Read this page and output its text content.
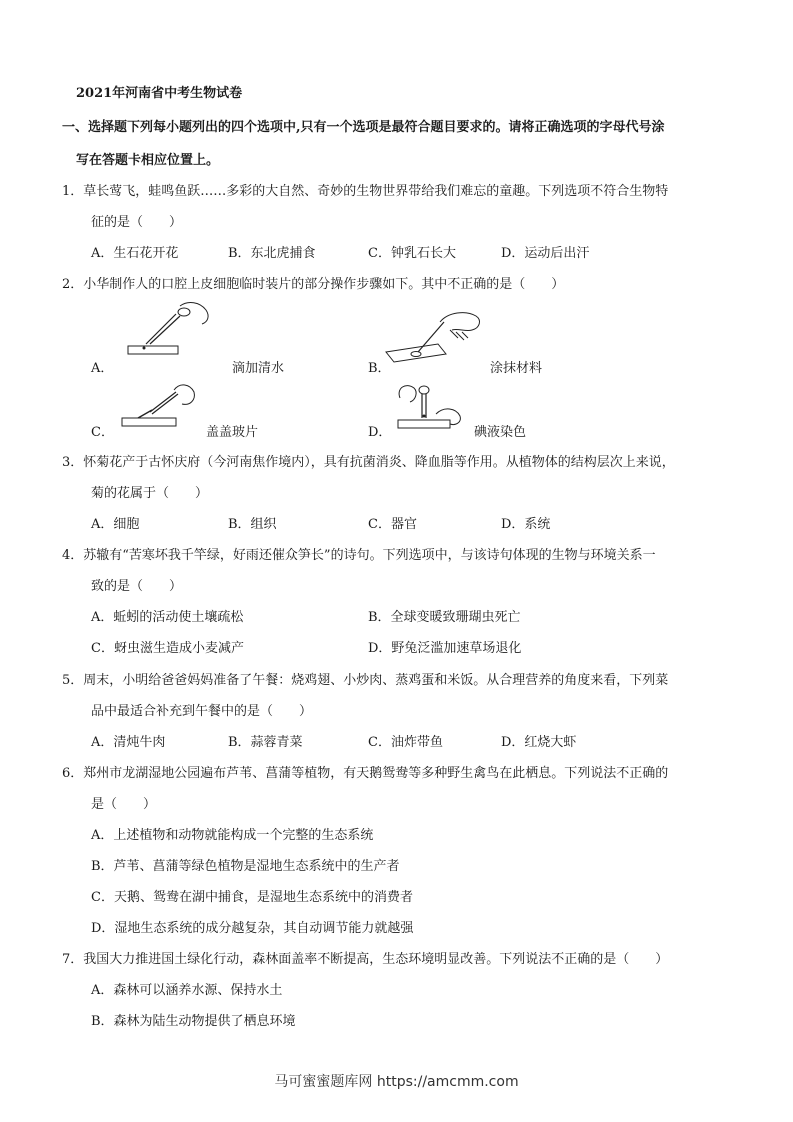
2021年河南省中考生物试卷
一、选择题下列每小题列出的四个选项中,只有一个选项是最符合题目要求的。请将正确选项的字母代号涂
写在答题卡相应位置上。
1．草长莺飞，蛙鸣鱼跃……多彩的大自然、奇妙的生物世界带给我们难忘的童趣。下列选项不符合生物特
征的是（　　）
A．生石花开花	B．东北虎捕食	C．钟乳石长大	D．运动后出汗
2．小华制作人的口腔上皮细胞临时装片的部分操作步骤如下。其中不正确的是（　　）
A．	滴加清水	B．	涂抹材料
C．	盖盖玻片	D．	碘液染色
3．怀菊花产于古怀庆府（今河南焦作境内），具有抗菌消炎、降血脂等作用。从植物体的结构层次上来说，
菊的花属于（　　）
A．细胞	B．组织	C．器官	D．系统
4．苏辙有“苦寒坏我千竿绿，好雨还催众笋长”的诗句。下列选项中，与该诗句体现的生物与环境关系一
致的是（　　）
A．蚯蚓的活动使土壤疏松	B．全球变暖致珊瑚虫死亡
C．蚜虫滋生造成小麦减产	D．野兔泛滥加速草场退化
5．周末，小明给爸爸妈妈准备了午餐：烧鸡翅、小炒肉、蒸鸡蛋和米饭。从合理营养的角度来看，下列菜
品中最适合补充到午餐中的是（　　）
A．清炖牛肉	B．蒜蓉青菜	C．油炸带鱼	D．红烧大虾
6．郑州市龙湖湿地公园遍布芦苇、菖蒲等植物，有天鹅鸳鸯等多种野生禽鸟在此栖息。下列说法不正确的
是（　　）
A．上述植物和动物就能构成一个完整的生态系统
B．芦苇、菖蒲等绿色植物是湿地生态系统中的生产者
C．天鹅、鸳鸯在湖中捕食，是湿地生态系统中的消费者
D．湿地生态系统的成分越复杂，其自动调节能力就越强
7．我国大力推进国土绿化行动，森林面盖率不断提高，生态环境明显改善。下列说法不正确的是（　　）
A．森林可以涵养水源、保持水土
B．森林为陆生动物提供了栖息环境
马可蜜蜜题库网 https://amcmm.com
